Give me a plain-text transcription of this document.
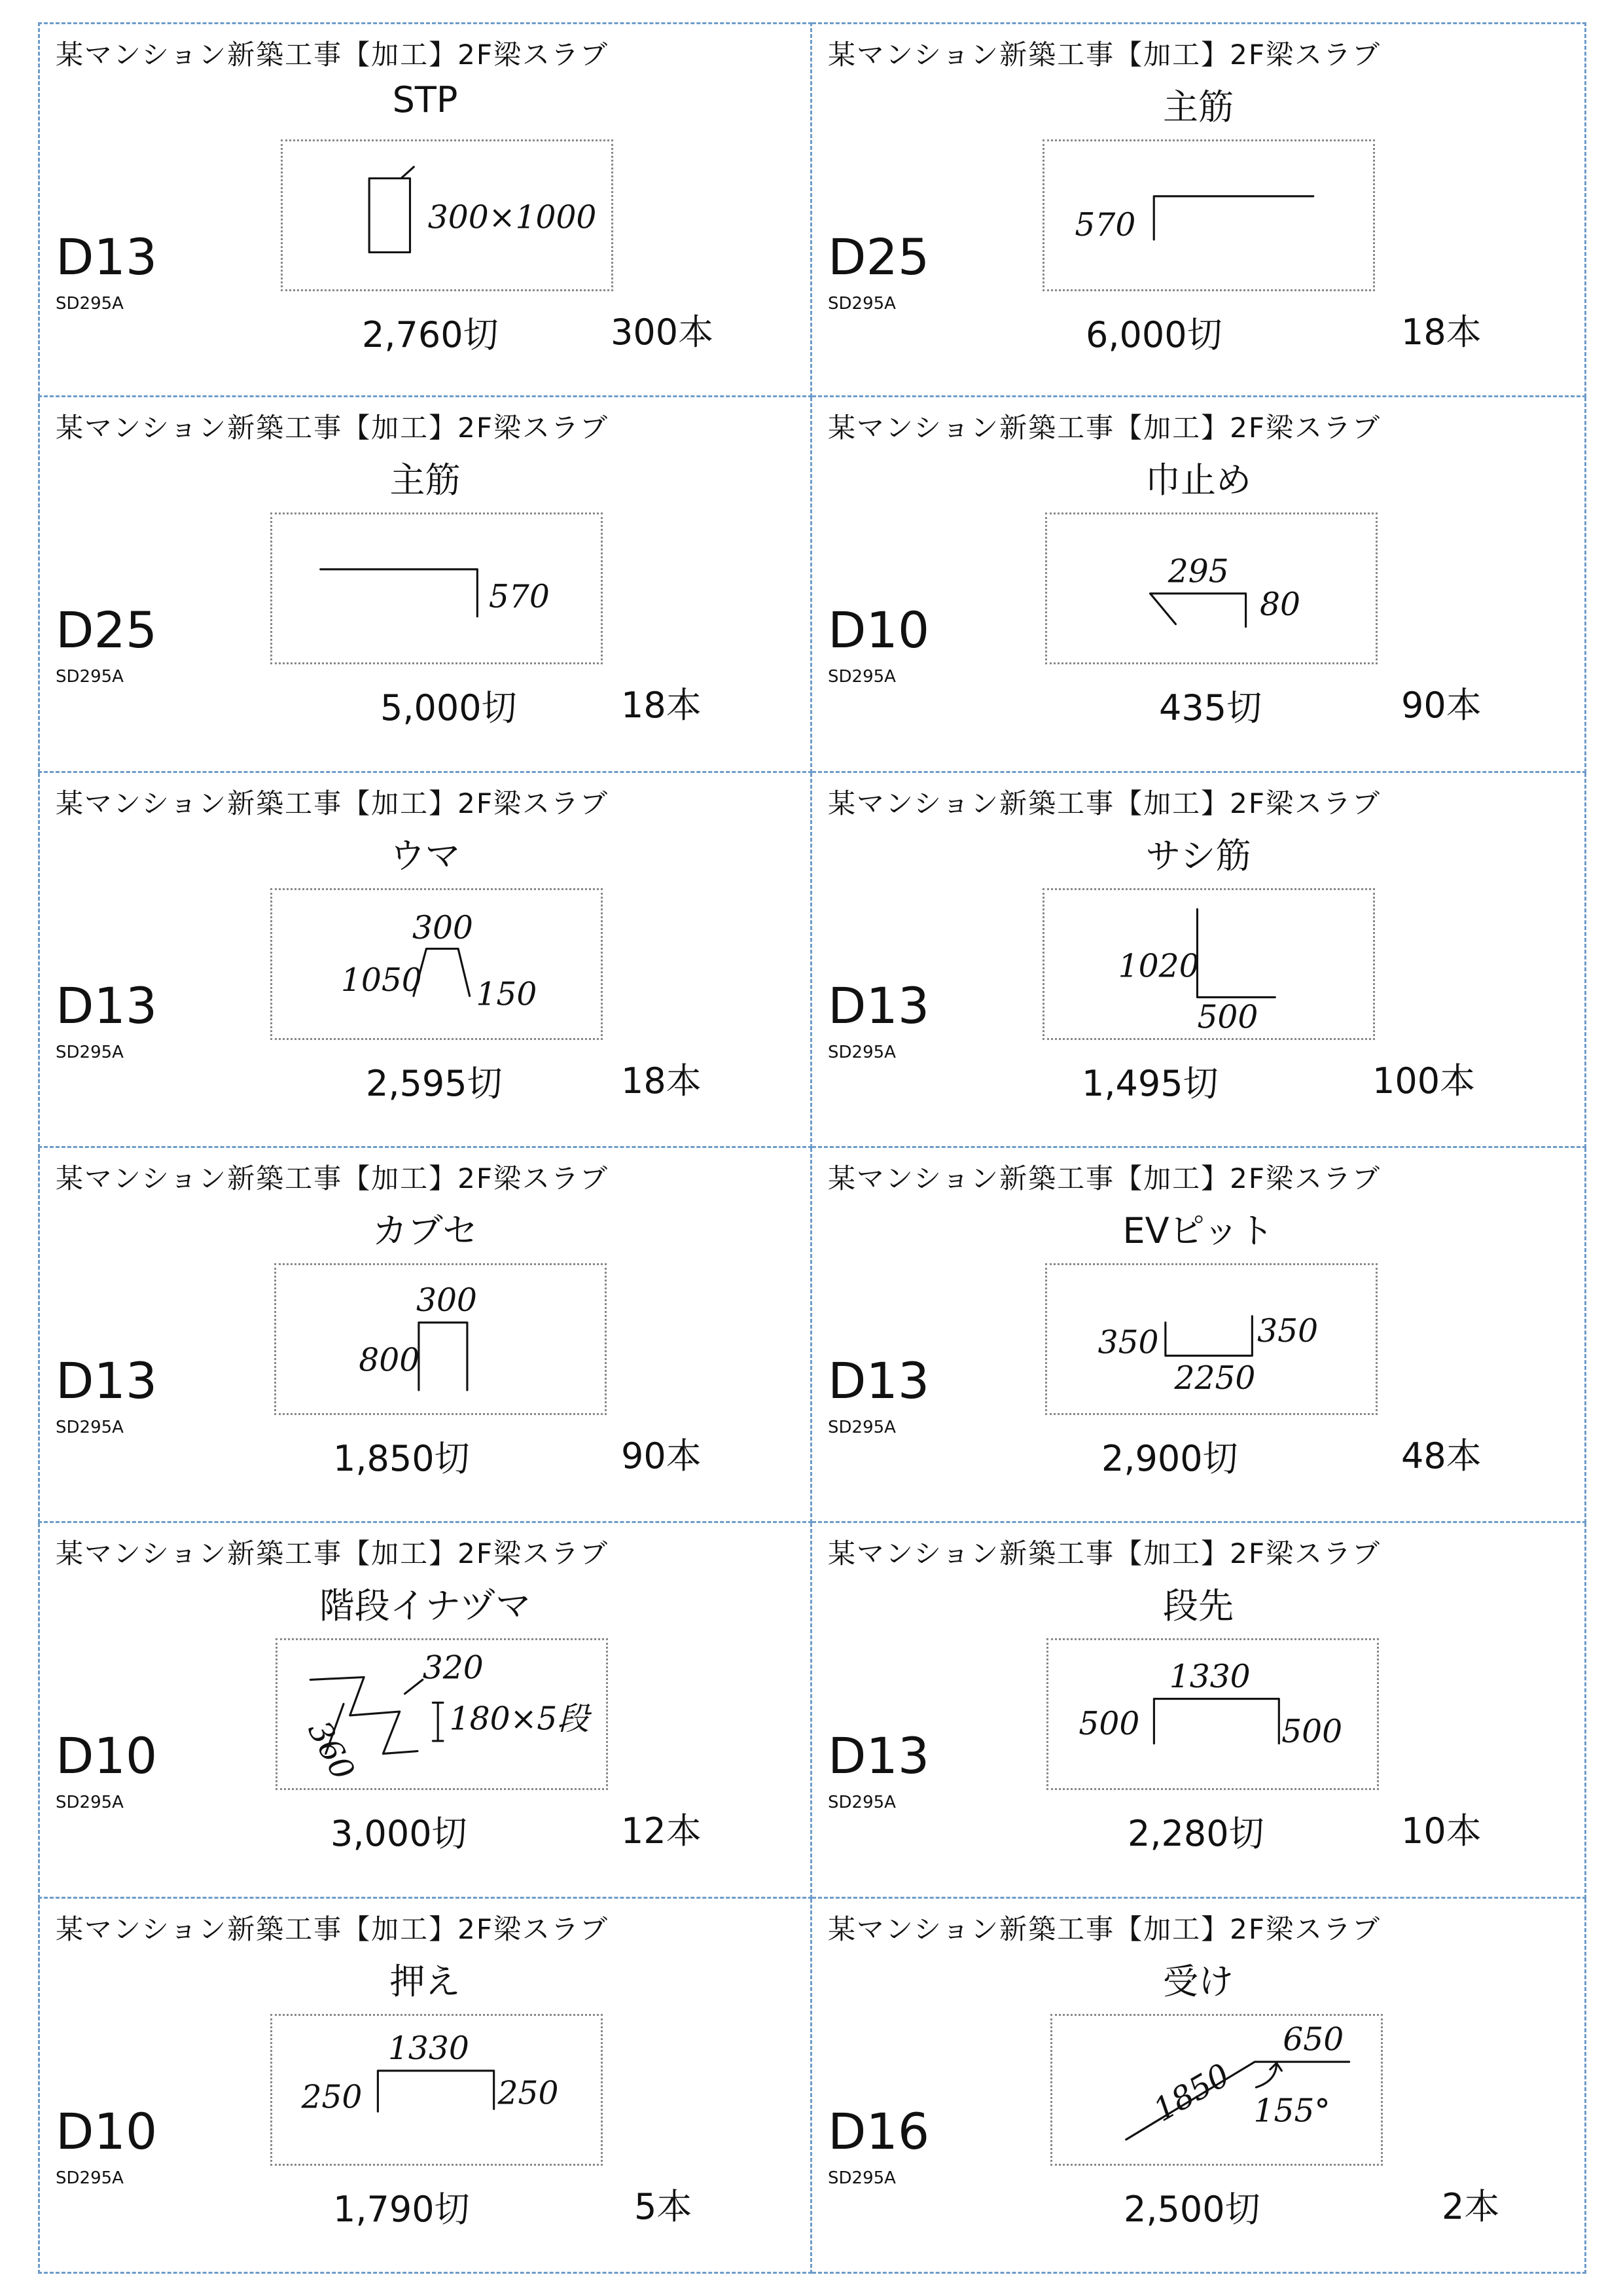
某マンション新築工事【加工】2F梁スラブ
STP
300×1000
D13
SD295A
2,760切	300本
某マンション新築工事【加工】2F梁スラブ
主筋
570
D25
SD295A
6,000切	18本
某マンション新築工事【加工】2F梁スラブ
主筋
570
D25
SD295A
5,000切	18本
某マンション新築工事【加工】2F梁スラブ
巾止め
295
80
D10
SD295A
435切	90本
某マンション新築工事【加工】2F梁スラブ
ウマ
300
1050 150
D13
SD295A
2,595切	18本
某マンション新築工事【加工】2F梁スラブ
サシ筋
1020
500
D13
SD295A
1,495切	100本
某マンション新築工事【加工】2F梁スラブ
カブセ
300
800
D13
SD295A
1,850切	90本
某マンション新築工事【加工】2F梁スラブ
EVピット
350	350
2250
D13
SD295A
2,900切	48本
某マンション新築工事【加工】2F梁スラブ
階段イナヅマ
320
180×5段
360
D10
SD295A
3,000切	12本
某マンション新築工事【加工】2F梁スラブ
段先
500
1330
500
D13
SD295A
2,280切	10本
某マンション新築工事【加工】2F梁スラブ
押え
1330
250	250
D10
SD295A
1,790切	5本
某マンション新築工事【加工】2F梁スラブ
受け
650
1850 155°
D16
SD295A
2,500切	2本
